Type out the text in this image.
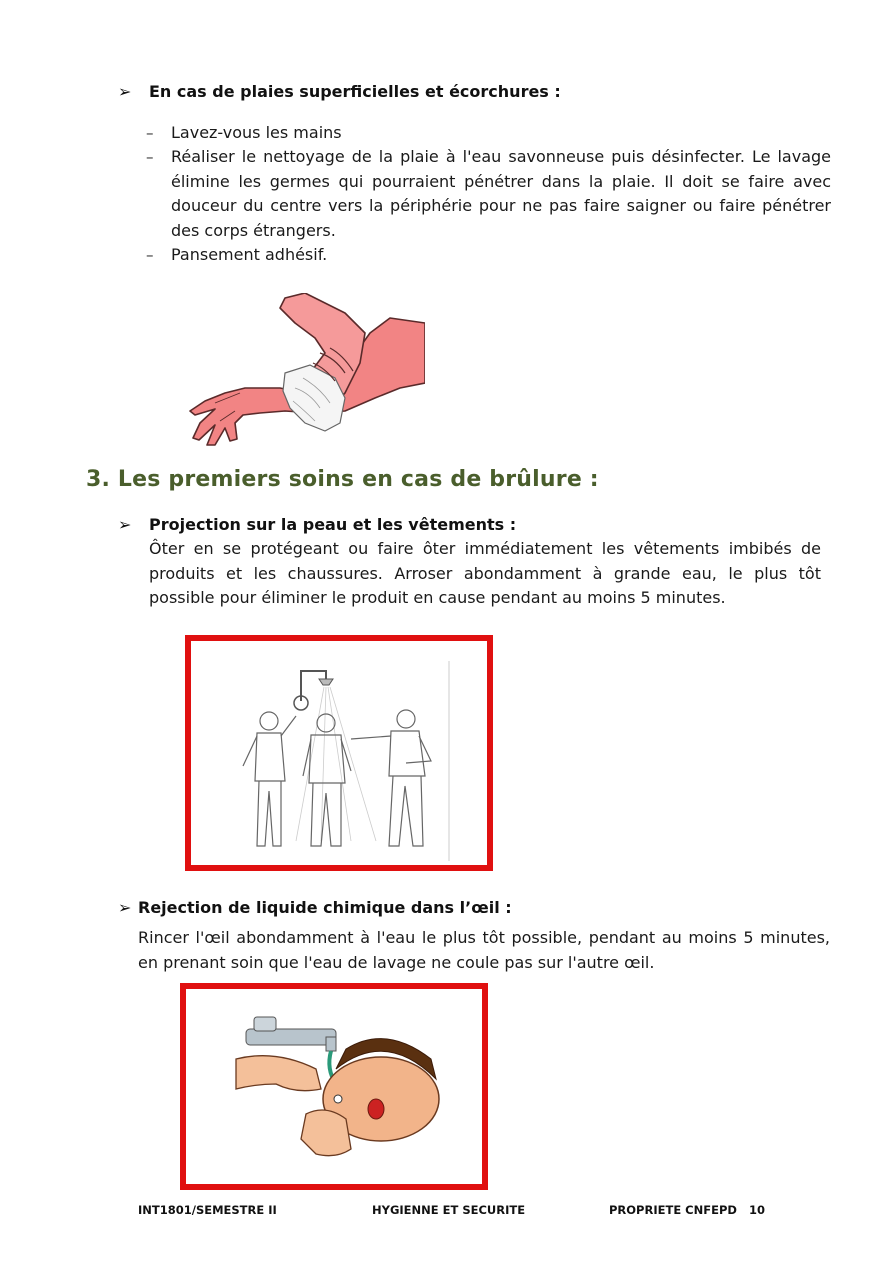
➢ En cas de plaies superficielles et écorchures :
– Lavez-vous les mains
– Réaliser le nettoyage de la plaie à l'eau savonneuse puis désinfecter. Le lavage élimine les germes qui pourraient pénétrer dans la plaie. Il doit se faire avec douceur du centre vers la périphérie pour ne pas faire saigner ou faire pénétrer des corps étrangers.
– Pansement adhésif.
3. Les premiers soins en cas de brûlure :
➢ Projection sur la peau et les vêtements :
Ôter en se protégeant ou faire ôter immédiatement les vêtements imbibés de produits et les chaussures. Arroser abondamment à grande eau, le plus tôt possible pour éliminer le produit en cause pendant au moins 5 minutes.
➢ Rejection de liquide chimique dans l’œil :
Rincer l'œil abondamment à l'eau le plus tôt possible, pendant au moins 5 minutes, en prenant soin que l'eau de lavage ne coule pas sur l'autre œil.
INT1801/SEMESTRE II	HYGIENNE ET SECURITE	PROPRIETE CNFEPD 10
